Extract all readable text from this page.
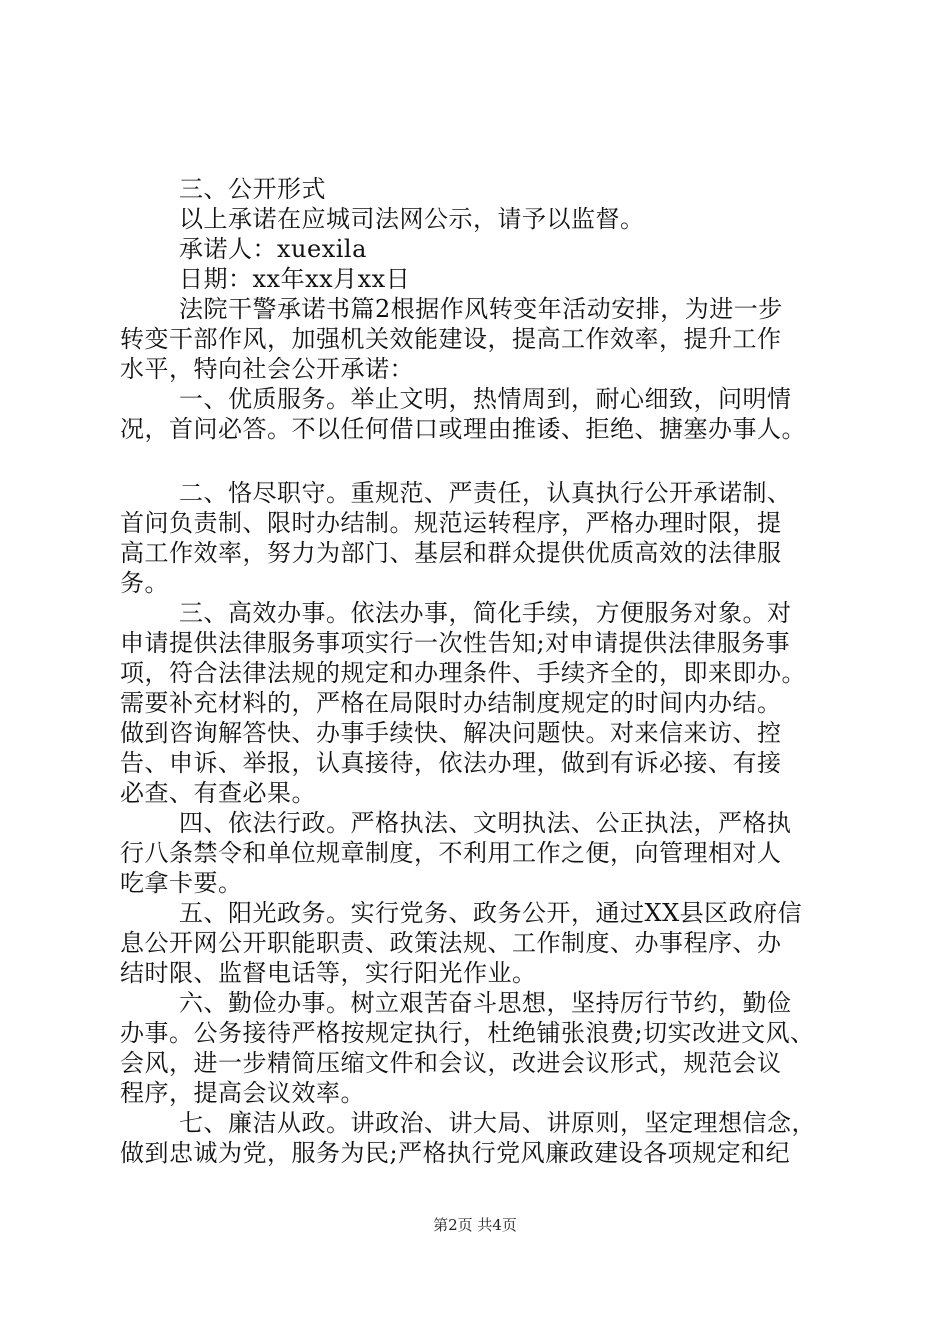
三、公开形式
以上承诺在应城司法网公示，请予以监督。
承诺人：xuexila
日期：xx年xx月xx日
法院干警承诺书篇2根据作风转变年活动安排，为进一步
转变干部作风，加强机关效能建设，提高工作效率，提升工作
水平，特向社会公开承诺：
一、优质服务。举止文明，热情周到，耐心细致，问明情
况，首问必答。不以任何借口或理由推诿、拒绝、搪塞办事人。
二、恪尽职守。重规范、严责任，认真执行公开承诺制、
首问负责制、限时办结制。规范运转程序，严格办理时限，提
高工作效率，努力为部门、基层和群众提供优质高效的法律服
务。
三、高效办事。依法办事，简化手续，方便服务对象。对
申请提供法律服务事项实行一次性告知;对申请提供法律服务事
项，符合法律法规的规定和办理条件、手续齐全的，即来即办。
需要补充材料的，严格在局限时办结制度规定的时间内办结。
做到咨询解答快、办事手续快、解决问题快。对来信来访、控
告、申诉、举报，认真接待，依法办理，做到有诉必接、有接
必查、有查必果。
四、依法行政。严格执法、文明执法、公正执法，严格执
行八条禁令和单位规章制度，不利用工作之便，向管理相对人
吃拿卡要。
五、阳光政务。实行党务、政务公开，通过XX县区政府信
息公开网公开职能职责、政策法规、工作制度、办事程序、办
结时限、监督电话等，实行阳光作业。
六、勤俭办事。树立艰苦奋斗思想，坚持厉行节约，勤俭
办事。公务接待严格按规定执行，杜绝铺张浪费;切实改进文风、
会风，进一步精简压缩文件和会议，改进会议形式，规范会议
程序，提高会议效率。
七、廉洁从政。讲政治、讲大局、讲原则，坚定理想信念，
做到忠诚为党，服务为民;严格执行党风廉政建设各项规定和纪
第2页 共4页
